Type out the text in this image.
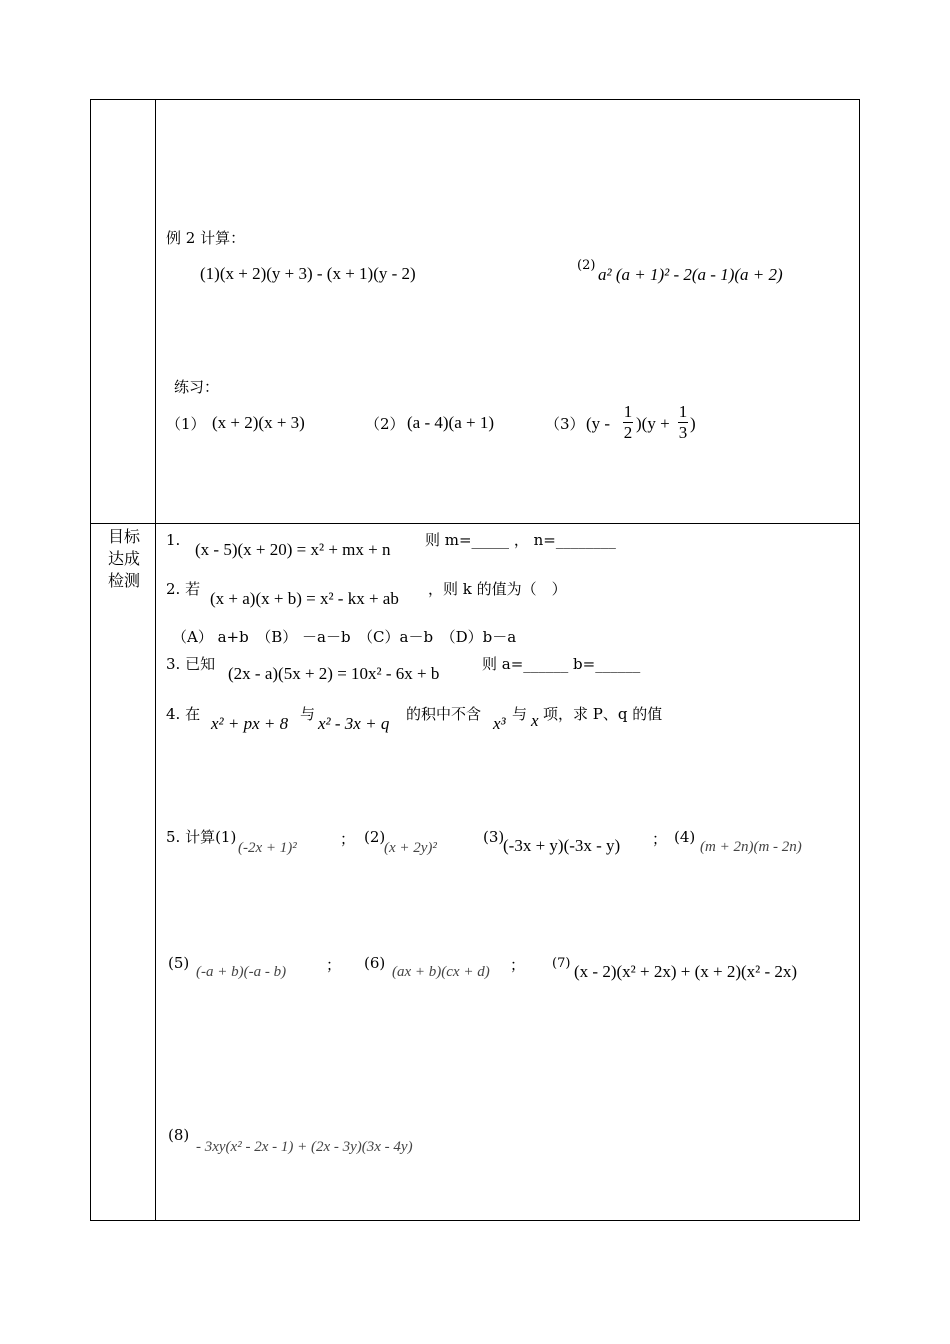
例 2 计算：
(1)(x + 2)(y + 3) - (x + 1)(y - 2)	(2) a² (a + 1)² - 2(a - 1)(a + 2)
练习：
（1） (x + 2)(x + 3)	（2） (a - 4)(a + 1)	（3） (y -
1
2 )(y +
1
3 )
目标
达成
检测
1. (x - 5)(x + 20) = x² + mx + n 则 m=_____ ， n=________
2. 若 (x + a)(x + b) = x² - kx + ab ，则 k 的值为（　）
（A） a+b　（B） －a－b　（C）a－b　（D）b－a
3. 已知 (2x - a)(5x + 2) = 10x² - 6x + b	则 a=______ b=______
4. 在 x² + px + 8 与 x² - 3x + q 的积中不含 x³ 与 x 项，求 P、q 的值
5. 计算(1)
(-2x + 1)²	； (2)
(x + 2y)²
(3)
(-3x + y)(-3x - y) ； (4)
(m + 2n)(m - 2n)
(5) (-a + b)(-a - b)	； (6) (ax + b)(cx + d) ； (7) (x - 2)(x² + 2x) + (x + 2)(x² - 2x)
(8)
- 3xy(x² - 2x - 1) + (2x - 3y)(3x - 4y)
